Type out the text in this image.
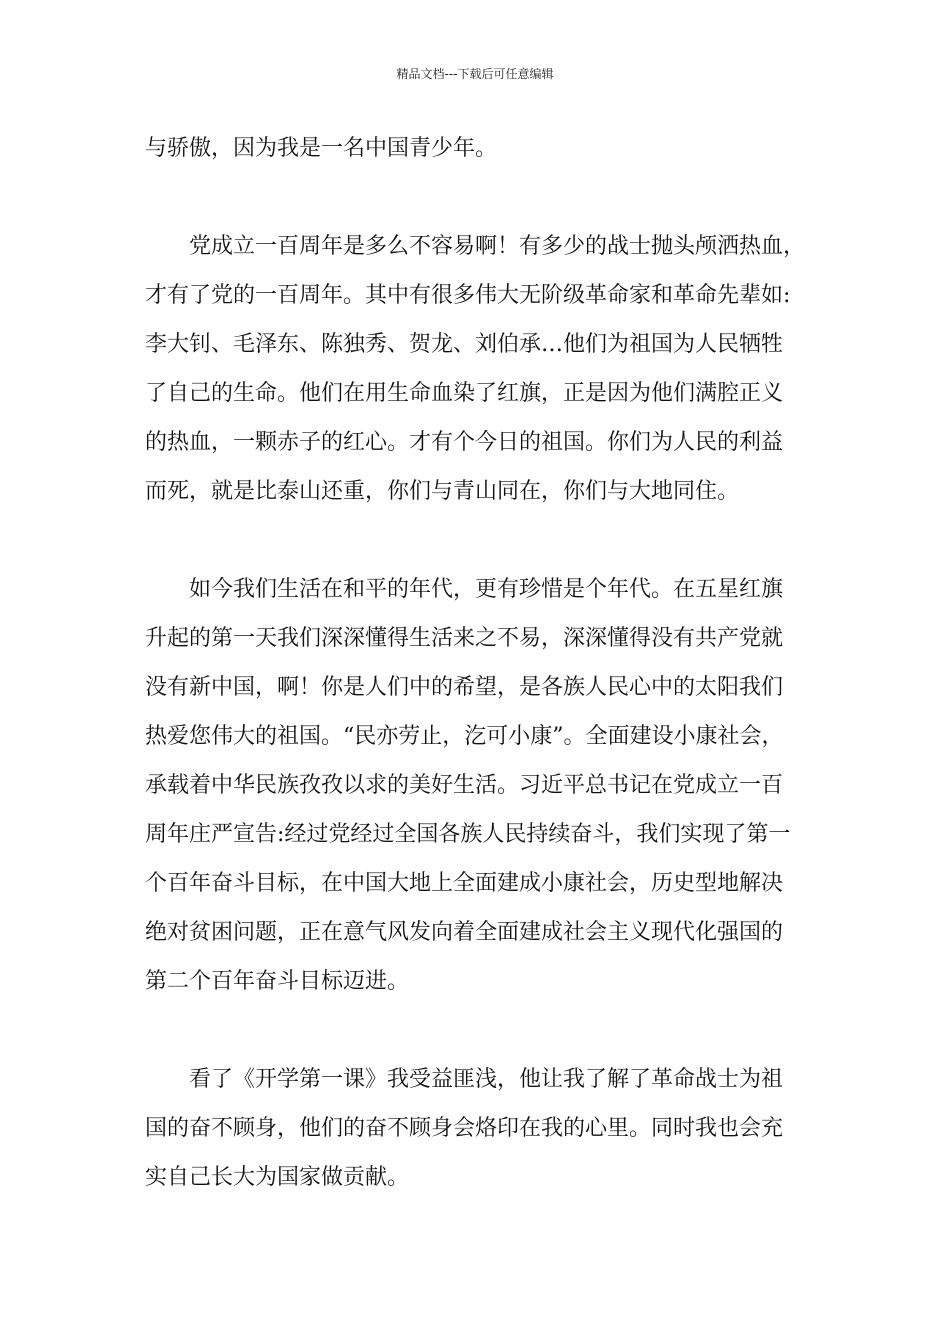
精品文档---下载后可任意编辑
与骄傲，因为我是一名中国青少年。
党成立一百周年是多么不容易啊！有多少的战士抛头颅洒热血，
才有了党的一百周年。其中有很多伟大无阶级革命家和革命先辈如:
李大钊、毛泽东、陈独秀、贺龙、刘伯承…他们为祖国为人民牺牲
了自己的生命。他们在用生命血染了红旗，正是因为他们满腔正义
的热血，一颗赤子的红心。才有个今日的祖国。你们为人民的利益
而死，就是比泰山还重，你们与青山同在，你们与大地同住。
如今我们生活在和平的年代，更有珍惜是个年代。在五星红旗
升起的第一天我们深深懂得生活来之不易，深深懂得没有共产党就
没有新中国，啊！你是人们中的希望，是各族人民心中的太阳我们
热爱您伟大的祖国。“民亦劳止，汔可小康”。全面建设小康社会，
承载着中华民族孜孜以求的美好生活。习近平总书记在党成立一百
周年庄严宣告:经过党经过全国各族人民持续奋斗，我们实现了第一
个百年奋斗目标，在中国大地上全面建成小康社会，历史型地解决
绝对贫困问题，正在意气风发向着全面建成社会主义现代化强国的
第二个百年奋斗目标迈进。
看了《开学第一课》我受益匪浅，他让我了解了革命战士为祖
国的奋不顾身，他们的奋不顾身会烙印在我的心里。同时我也会充
实自己长大为国家做贡献。
